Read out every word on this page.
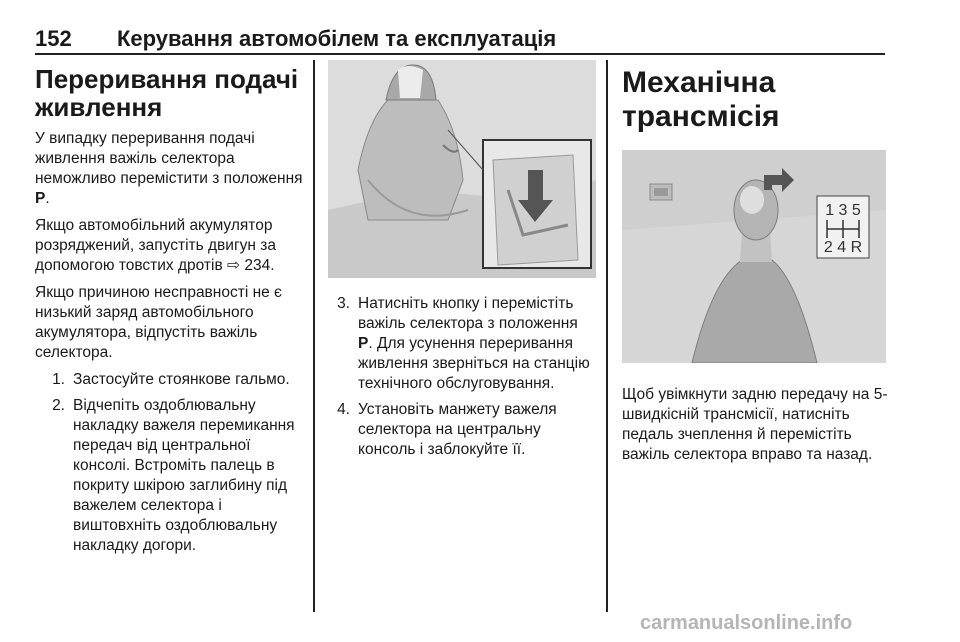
152 Керування автомобілем та експлуатація
Переривання подачі
живлення

У випадку переривання подачі живлення важіль селектора неможливо перемістити з положення P.

Якщо автомобільний акумулятор розряджений, запустіть двигун за допомогою товстих дротів ⇨ 234.

Якщо причиною несправності не є низький заряд автомобільного акумулятора, відпустіть важіль селектора.

1. Застосуйте стоянкове гальмо.
2. Відчепіть оздоблювальну накладку важеля перемикання передач від центральної консолі. Встроміть палець в покриту шкірою заглибину під важелем селектора і виштовхніть оздоблювальну накладку догори.
3. Натисніть кнопку і перемістіть важіль селектора з положення P. Для усунення переривання живлення зверніться на станцію технічного обслуговування.
4. Установіть манжету важеля селектора на центральну консоль і заблокуйте її.
Механічна трансмісія
1 3 5
2 4 R

Щоб увімкнути задню передачу на 5-швидкісній трансмісії, натисніть педаль зчеплення й перемістіть важіль селектора вправо та назад.

carmanualsonline.info
